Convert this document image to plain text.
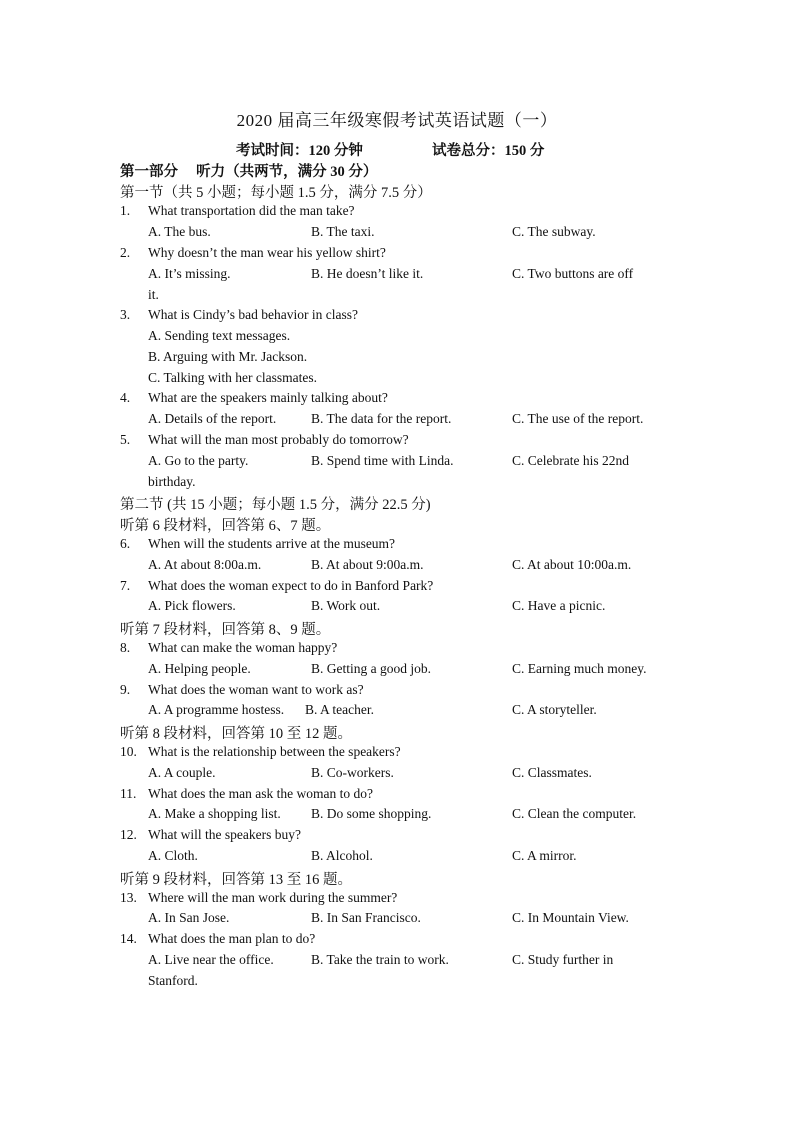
2020 届高三年级寒假考试英语试题（一）
考试时间：120 分钟	试卷总分：150 分
第一部分　 听力（共两节，满分 30 分）
第一节（共 5 小题；每小题 1.5 分，满分 7.5 分）
1. What transportation did the man take?
A. The bus.	B. The taxi.	C. The subway.
2. Why doesn’t the man wear his yellow shirt?
A. It’s missing.	B. He doesn’t like it.	C. Two buttons are off
it.
3. What is Cindy’s bad behavior in class?
A. Sending text messages.
B. Arguing with Mr. Jackson.
C. Talking with her classmates.
4. What are the speakers mainly talking about?
A. Details of the report.	B. The data for the report.	C. The use of the report.
5. What will the man most probably do tomorrow?
A. Go to the party.	B. Spend time with Linda.	C. Celebrate his 22nd
birthday.
第二节 (共 15 小题；每小题 1.5 分，满分 22.5 分)
听第 6 段材料，回答第 6、7 题。
6. When will the students arrive at the museum?
A. At about 8:00a.m.	B. At about 9:00a.m.	C. At about 10:00a.m.
7. What does the woman expect to do in Banford Park?
A. Pick flowers.	B. Work out.	C. Have a picnic.
听第 7 段材料，回答第 8、9 题。
8. What can make the woman happy?
A. Helping people.	B. Getting a good job.	C. Earning much money.
9. What does the woman want to work as?
A. A programme hostess. B. A teacher.	C. A storyteller.
听第 8 段材料，回答第 10 至 12 题。
10. What is the relationship between the speakers?
A. A couple.	B. Co-workers.	C. Classmates.
11. What does the man ask the woman to do?
A. Make a shopping list. B. Do some shopping.	C. Clean the computer.
12. What will the speakers buy?
A. Cloth.	B. Alcohol.	C. A mirror.
听第 9 段材料，回答第 13 至 16 题。
13. Where will the man work during the summer?
A. In San Jose.	B. In San Francisco.	C. In Mountain View.
14. What does the man plan to do?
A. Live near the office.	B. Take the train to work.	C. Study further in
Stanford.
